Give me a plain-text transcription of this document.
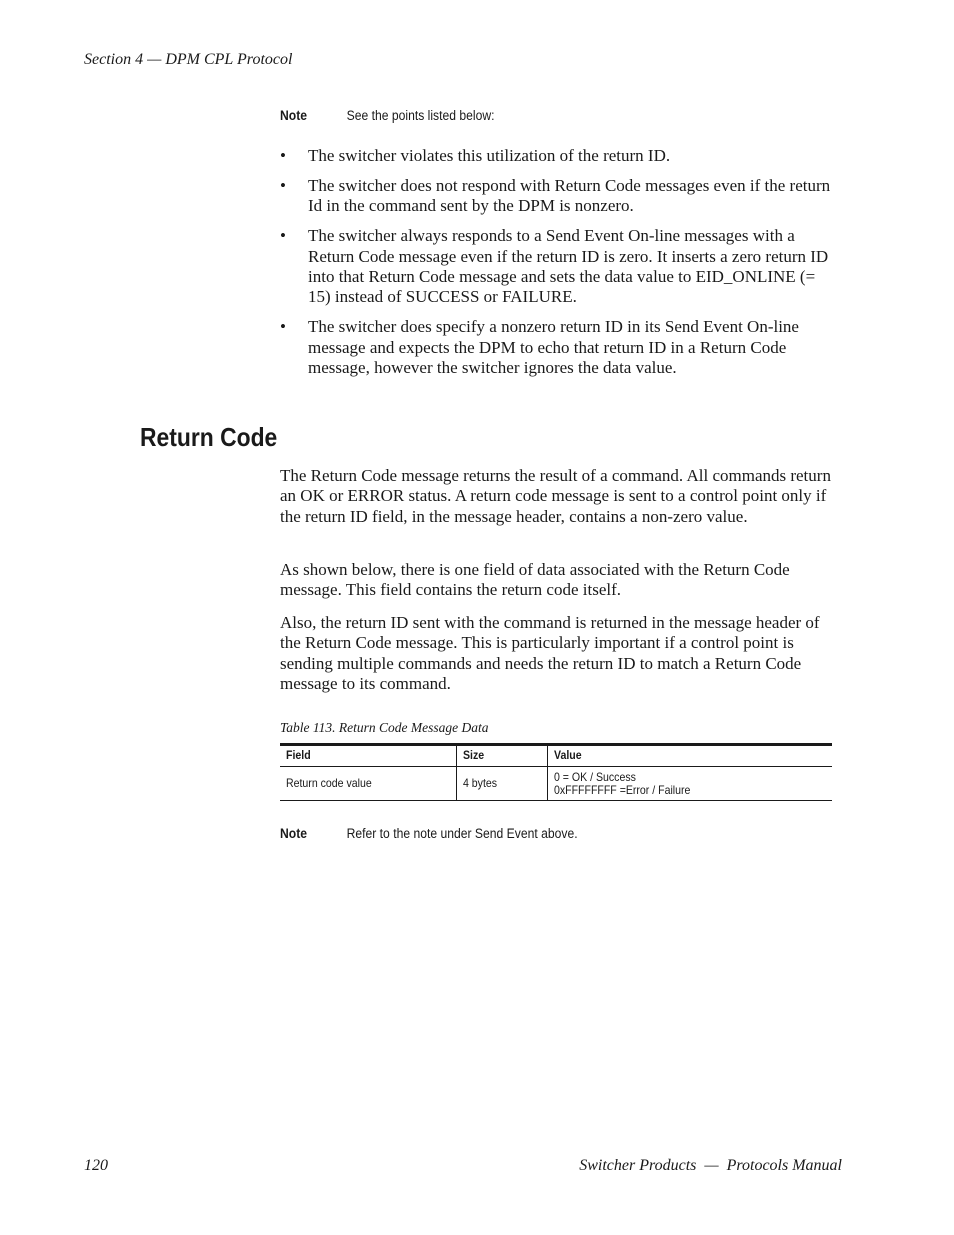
Section 4 — DPM CPL Protocol
Note	See the points listed below:
• The switcher violates this utilization of the return ID.
• The switcher does not respond with Return Code messages even if the return Id in the command sent by the DPM is nonzero.
• The switcher always responds to a Send Event On-line messages with a Return Code message even if the return ID is zero. It inserts a zero return ID into that Return Code message and sets the data value to EID_ONLINE (= 15) instead of SUCCESS or FAILURE.
• The switcher does specify a nonzero return ID in its Send Event On-line message and expects the DPM to echo that return ID in a Return Code message, however the switcher ignores the data value.
Return Code

The Return Code message returns the result of a command. All commands return an OK or ERROR status. A return code message is sent to a control point only if the return ID field, in the message header, contains a non-zero value.

As shown below, there is one field of data associated with the Return Code message. This field contains the return code itself.

Also, the return ID sent with the command is returned in the message header of the Return Code message. This is particularly important if a control point is sending multiple commands and needs the return ID to match a Return Code message to its command.

Table 113. Return Code Message Data
Field	Size	Value
Return code value	4 bytes	0 = OK / Success
0xFFFFFFFF =Error / Failure
Note	Refer to the note under Send Event above.
120	Switcher Products  —  Protocols Manual
